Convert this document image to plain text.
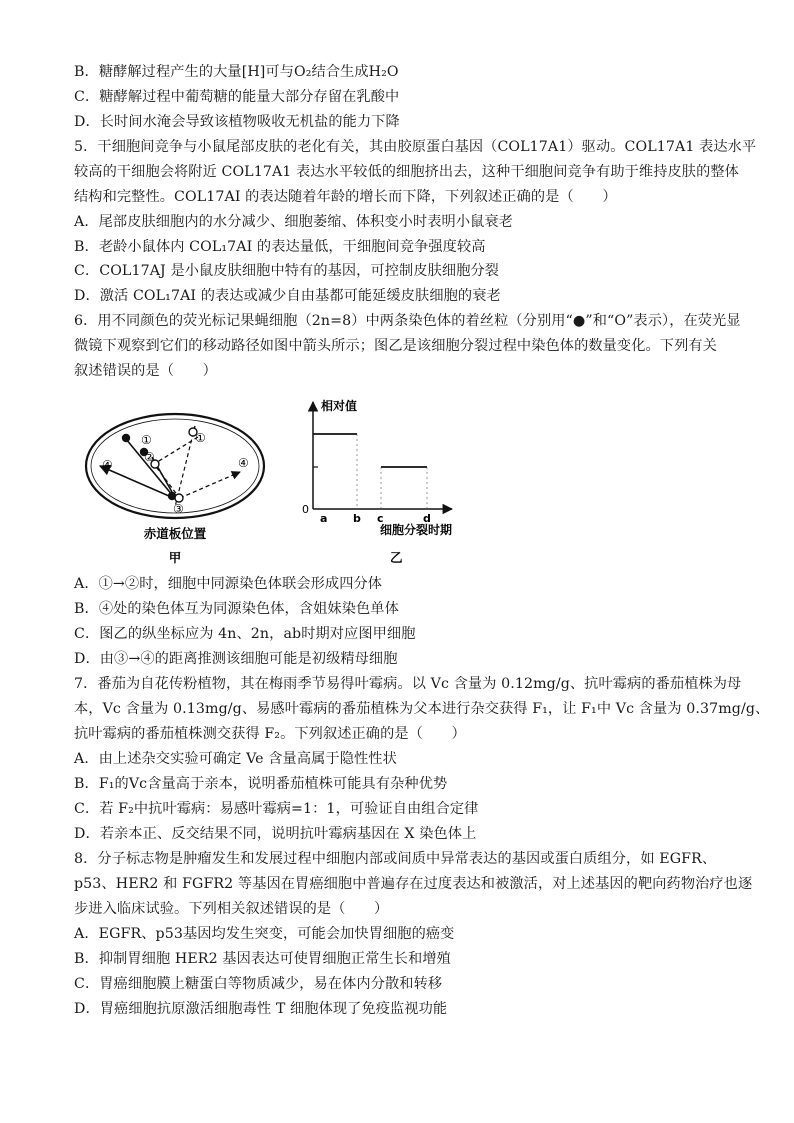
B．糖酵解过程产生的大量[H]可与O₂结合生成H₂O
C．糖酵解过程中葡萄糖的能量大部分存留在乳酸中
D．长时间水淹会导致该植物吸收无机盐的能力下降
5．干细胞间竞争与小鼠尾部皮肤的老化有关，其由胶原蛋白基因（COL17A1）驱动。COL17A1 表达水平
较高的干细胞会将附近 COL17A1 表达水平较低的细胞挤出去，这种干细胞间竞争有助于维持皮肤的整体
结构和完整性。COL17AI 的表达随着年龄的增长而下降，下列叙述正确的是（　　）
A．尾部皮肤细胞内的水分减少、细胞萎缩、体积变小时表明小鼠衰老
B．老龄小鼠体内 COL₁7AI 的表达量低，干细胞间竞争强度较高
C．COL17AJ 是小鼠皮肤细胞中特有的基因，可控制皮肤细胞分裂
D．激活 COL₁7AI 的表达或减少自由基都可能延缓皮肤细胞的衰老
6．用不同颜色的荧光标记果蝇细胞（2n=8）中两条染色体的着丝粒（分别用“●”和“O”表示），在荧光显
微镜下观察到它们的移动路径如图中箭头所示；图乙是该细胞分裂过程中染色体的数量变化。下列有关
叙述错误的是（　　）
A．①→②时，细胞中同源染色体联会形成四分体
B．④处的染色体互为同源染色体，含姐妹染色单体
C．图乙的纵坐标应为 4n、2n，ab时期对应图甲细胞
D．由③→④的距离推测该细胞可能是初级精母细胞
7．番茄为自花传粉植物，其在梅雨季节易得叶霉病。以 Vc 含量为 0.12mg/g、抗叶霉病的番茄植株为母
本，Vc 含量为 0.13mg/g、易感叶霉病的番茄植株为父本进行杂交获得 F₁，让 F₁中 Vc 含量为 0.37mg/g、
抗叶霉病的番茄植株测交获得 F₂。下列叙述正确的是（　　）
A．由上述杂交实验可确定 Ve 含量高属于隐性性状
B．F₁的Vc含量高于亲本，说明番茄植株可能具有杂种优势
C．若 F₂中抗叶霉病：易感叶霉病=1：1，可验证自由组合定律
D．若亲本正、反交结果不同，说明抗叶霉病基因在 X 染色体上
8．分子标志物是肿瘤发生和发展过程中细胞内部或间质中异常表达的基因或蛋白质组分，如 EGFR、
p53、HER2 和 FGFR2 等基因在胃癌细胞中普遍存在过度表达和被激活，对上述基因的靶向药物治疗也逐
步进入临床试验。下列相关叙述错误的是（　　）
A．EGFR、p53基因均发生突变，可能会加快胃细胞的癌变
B．抑制胃细胞 HER2 基因表达可使胃细胞正常生长和增殖
C．胃癌细胞膜上糖蛋白等物质减少，易在体内分散和转移
D．胃癌细胞抗原激活细胞毒性 T 细胞体现了免疫监视功能
①	①
②
③
④	④
赤道板位置
甲
相对值
0
细胞分裂时期
乙
a b c	d
